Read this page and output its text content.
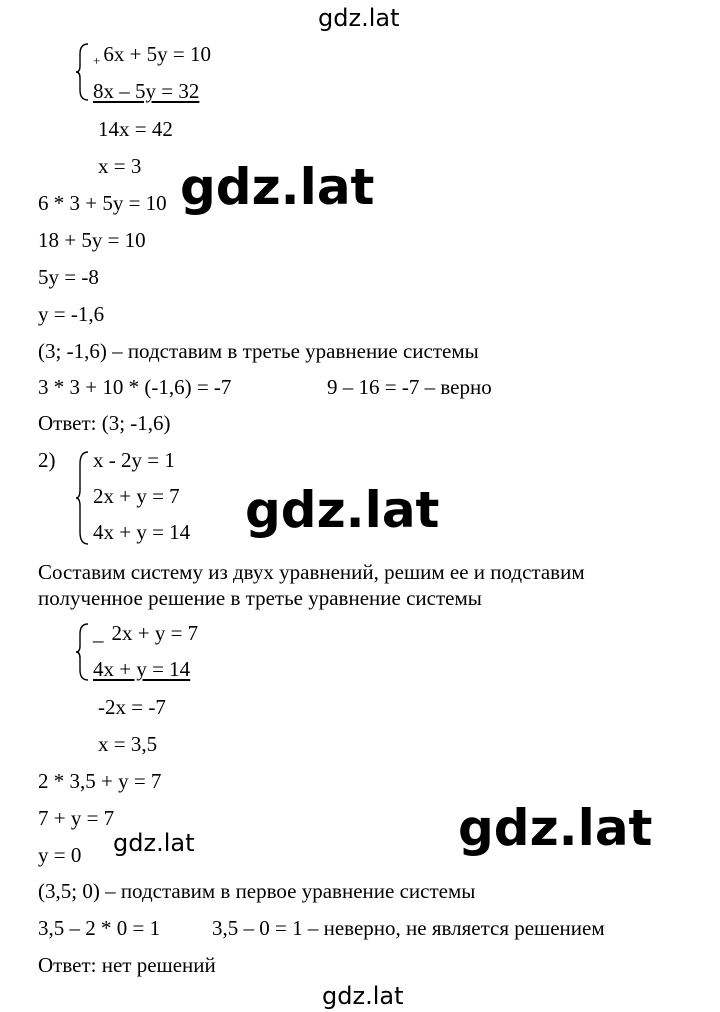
gdz.lat
gdz.lat
gdz.lat
gdz.lat
gdz.lat
gdz.lat
+ 6x + 5y = 10
8x – 5y = 32
14x = 42
x = 3
6 * 3 + 5y = 10
18 + 5y = 10
5y = -8
y = -1,6
(3; -1,6) – подставим в третье уравнение системы
3 * 3 + 10 * (-1,6) = -7	9 – 16 = -7 – верно
Ответ: (3; -1,6)
2) x - 2y = 1
2x + y = 7
4x + y = 14
Составим систему из двух уравнений, решим ее и подставим
полученное решение в третье уравнение системы
_ 2x + y = 7
4x + y = 14
-2x = -7
x = 3,5
2 * 3,5 + y = 7
7 + y = 7
y = 0
(3,5; 0) – подставим в первое уравнение системы
3,5 – 2 * 0 = 1 3,5 – 0 = 1 – неверно, не является решением
Ответ: нет решений
